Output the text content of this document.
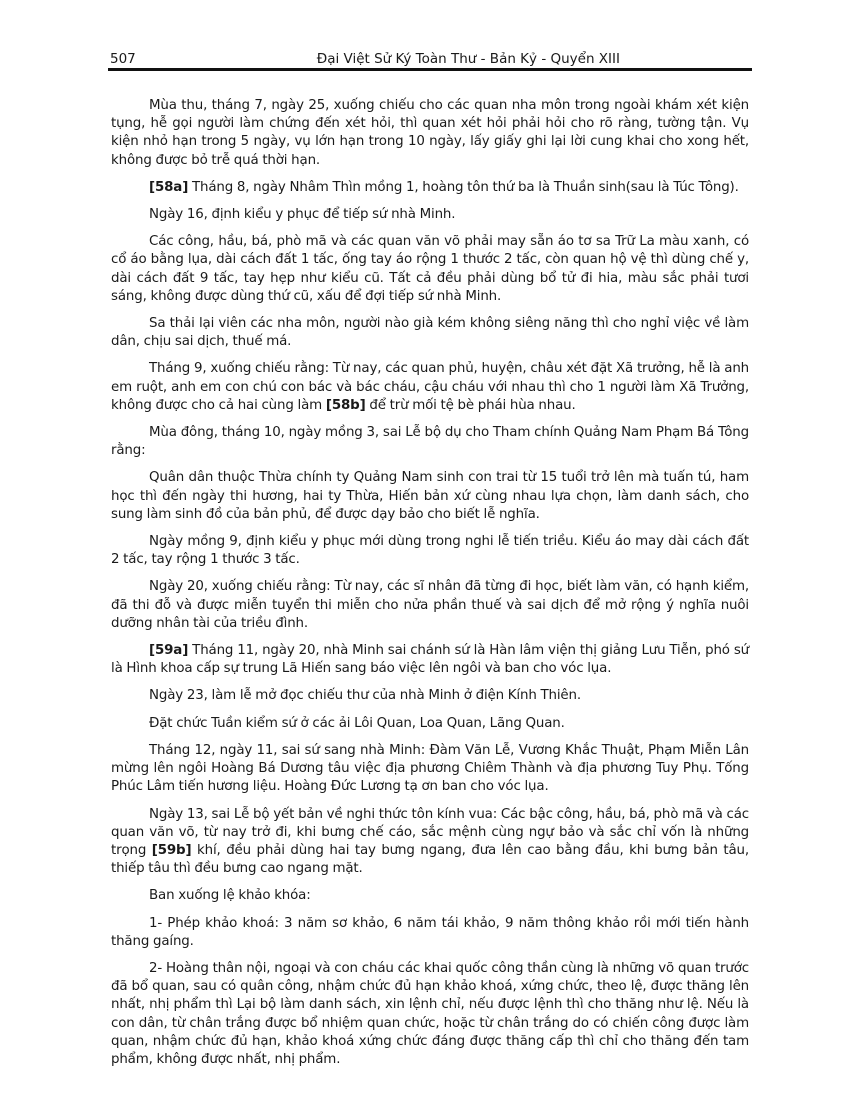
507	Đại Việt Sử Ký Toàn Thư - Bản Kỷ - Quyển XIII

Mùa thu, tháng 7, ngày 25, xuống chiếu cho các quan nha môn trong ngoài khám xét kiện tụng, hễ gọi người làm chứng đến xét hỏi, thì quan xét hỏi phải hỏi cho rõ ràng, tường tận. Vụ kiện nhỏ hạn trong 5 ngày, vụ lớn hạn trong 10 ngày, lấy giấy ghi lại lời cung khai cho xong hết, không được bỏ trễ quá thời hạn.

[58a] Tháng 8, ngày Nhâm Thìn mồng 1, hoàng tôn thứ ba là Thuần sinh(sau là Túc Tông).

Ngày 16, định kiểu y phục để tiếp sứ nhà Minh.

Các công, hầu, bá, phò mã và các quan văn võ phải may sẵn áo tơ sa Trữ La màu xanh, có cổ áo bằng lụa, dài cách đất 1 tấc, ống tay áo rộng 1 thước 2 tấc, còn quan hộ vệ thì dùng chế y, dài cách đất 9 tấc, tay hẹp như kiểu cũ. Tất cả đều phải dùng bổ tử đi hia, màu sắc phải tươi sáng, không được dùng thứ cũ, xấu để đợi tiếp sứ nhà Minh.

Sa thải lại viên các nha môn, người nào già kém không siêng năng thì cho nghỉ việc về làm dân, chịu sai dịch, thuế má.

Tháng 9, xuống chiếu rằng: Từ nay, các quan phủ, huyện, châu xét đặt Xã trưởng, hễ là anh em ruột, anh em con chú con bác và bác cháu, cậu cháu với nhau thì cho 1 người làm Xã Trưởng, không được cho cả hai cùng làm [58b] để trừ mối tệ bè phái hùa nhau.

Mùa đông, tháng 10, ngày mồng 3, sai Lễ bộ dụ cho Tham chính Quảng Nam Phạm Bá Tông rằng:

Quân dân thuộc Thừa chính ty Quảng Nam sinh con trai từ 15 tuổi trở lên mà tuấn tú, ham học thì đến ngày thi hương, hai ty Thừa, Hiến bản xứ cùng nhau lựa chọn, làm danh sách, cho sung làm sinh đồ của bản phủ, để được dạy bảo cho biết lễ nghĩa.

Ngày mồng 9, định kiểu y phục mới dùng trong nghi lễ tiến triều. Kiểu áo may dài cách đất 2 tấc, tay rộng 1 thước 3 tấc.

Ngày 20, xuống chiếu rằng: Từ nay, các sĩ nhân đã từng đi học, biết làm văn, có hạnh kiểm, đã thi đỗ và được miễn tuyển thi miễn cho nửa phần thuế và sai dịch để mở rộng ý nghĩa nuôi dưỡng nhân tài của triều đình.

[59a] Tháng 11, ngày 20, nhà Minh sai chánh sứ là Hàn lâm viện thị giảng Lưu Tiễn, phó sứ là Hình khoa cấp sự trung Lã Hiến sang báo việc lên ngôi và ban cho vóc lụa.

Ngày 23, làm lễ mở đọc chiếu thư của nhà Minh ở điện Kính Thiên.

Đặt chức Tuần kiểm sứ ở các ải Lôi Quan, Loa Quan, Lãng Quan.

Tháng 12, ngày 11, sai sứ sang nhà Minh: Đàm Văn Lễ, Vương Khắc Thuật, Phạm Miễn Lân mừng lên ngôi Hoàng Bá Dương tâu việc địa phương Chiêm Thành và địa phương Tuy Phụ. Tống Phúc Lâm tiến hương liệu. Hoàng Đức Lương tạ ơn ban cho vóc lụa.

Ngày 13, sai Lễ bộ yết bản về nghi thức tôn kính vua: Các bậc công, hầu, bá, phò mã và các quan văn võ, từ nay trở đi, khi bưng chế cáo, sắc mệnh cùng ngự bảo và sắc chỉ vốn là những trọng [59b] khí, đều phải dùng hai tay bưng ngang, đưa lên cao bằng đầu, khi bưng bản tâu, thiếp tâu thì đều bưng cao ngang mặt.

Ban xuống lệ khảo khóa:

1- Phép khảo khoá: 3 năm sơ khảo, 6 năm tái khảo, 9 năm thông khảo rồi mới tiến hành thăng gaíng.

2- Hoàng thân nội, ngoại và con cháu các khai quốc công thần cùng là những võ quan trước đã bổ quan, sau có quân công, nhậm chức đủ hạn khảo khoá, xứng chức, theo lệ, được thăng lên nhất, nhị phẩm thì Lại bộ làm danh sách, xin lệnh chỉ, nếu được lệnh thì cho thăng như lệ. Nếu là con dân, từ chân trắng được bổ nhiệm quan chức, hoặc từ chân trắng do có chiến công được làm quan, nhậm chức đủ hạn, khảo khoá xứng chức đáng được thăng cấp thì chỉ cho thăng đến tam phẩm, không được nhất, nhị phẩm.
